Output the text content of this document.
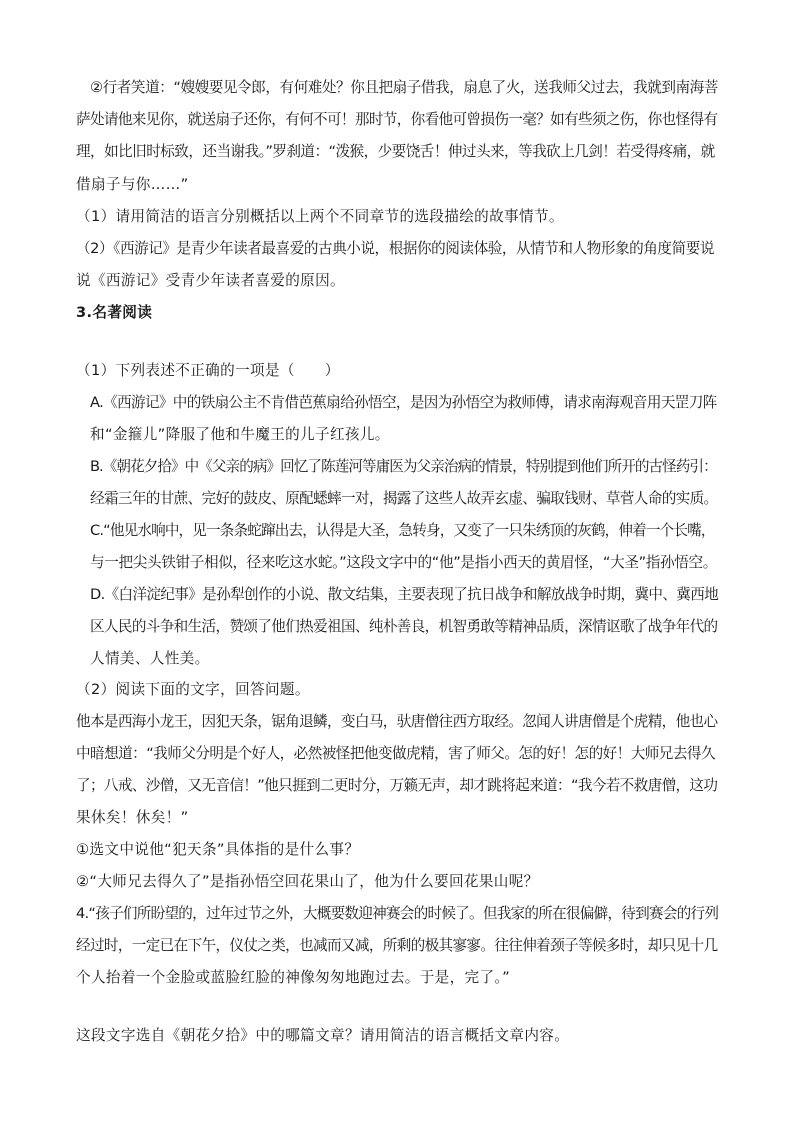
②行者笑道：“嫂嫂要见令郎，有何难处？你且把扇子借我，扇息了火，送我师父过去，我就到南海菩
萨处请他来见你，就送扇子还你，有何不可！那时节，你看他可曾损伤一毫？如有些须之伤，你也怪得有
理，如比旧时标致，还当谢我。”罗刹道：“泼猴，少要饶舌！伸过头来，等我砍上几剑！若受得疼痛，就
借扇子与你……”
（1）请用简洁的语言分别概括以上两个不同章节的选段描绘的故事情节。
（2）《西游记》是青少年读者最喜爱的古典小说，根据你的阅读体验，从情节和人物形象的角度简要说
说《西游记》受青少年读者喜爱的原因。
3.名著阅读
（1）下列表述不正确的一项是（　　）
A.《西游记》中的铁扇公主不肯借芭蕉扇给孙悟空，是因为孙悟空为救师傅，请求南海观音用天罡刀阵
和“金箍儿”降服了他和牛魔王的儿子红孩儿。
B.《朝花夕拾》中《父亲的病》回忆了陈莲河等庸医为父亲治病的情景，特别提到他们所开的古怪药引：
经霜三年的甘蔗、完好的鼓皮、原配蟋蟀一对，揭露了这些人故弄玄虚、骗取钱财、草菅人命的实质。
C.“他见水响中，见一条条蛇蹿出去，认得是大圣，急转身，又变了一只朱绣顶的灰鹤，伸着一个长嘴，
与一把尖头铁钳子相似，径来吃这水蛇。”这段文字中的“他”是指小西天的黄眉怪，“大圣”指孙悟空。
D.《白洋淀纪事》是孙犁创作的小说、散文结集，主要表现了抗日战争和解放战争时期，冀中、冀西地
区人民的斗争和生活，赞颂了他们热爱祖国、纯朴善良，机智勇敢等精神品质，深情讴歌了战争年代的
人情美、人性美。
（2）阅读下面的文字，回答问题。
他本是西海小龙王，因犯天条，锯角退鳞，变白马，驮唐僧往西方取经。忽闻人讲唐僧是个虎精，他也心
中暗想道：“我师父分明是个好人，必然被怪把他变做虎精，害了师父。怎的好！怎的好！大师兄去得久
了；八戒、沙僧，又无音信！”他只捱到二更时分，万籁无声，却才跳将起来道：“我今若不救唐僧，这功
果休矣！休矣！”
①选文中说他“犯天条”具体指的是什么事？
②“大师兄去得久了”是指孙悟空回花果山了，他为什么要回花果山呢？
4.“孩子们所盼望的，过年过节之外，大概要数迎神赛会的时候了。但我家的所在很偏僻，待到赛会的行列
经过时，一定已在下午，仪仗之类，也减而又减，所剩的极其寥寥。往往伸着颈子等候多时，却只见十几
个人抬着一个金脸或蓝脸红脸的神像匆匆地跑过去。于是，完了。”
这段文字选自《朝花夕拾》中的哪篇文章？请用简洁的语言概括文章内容。
